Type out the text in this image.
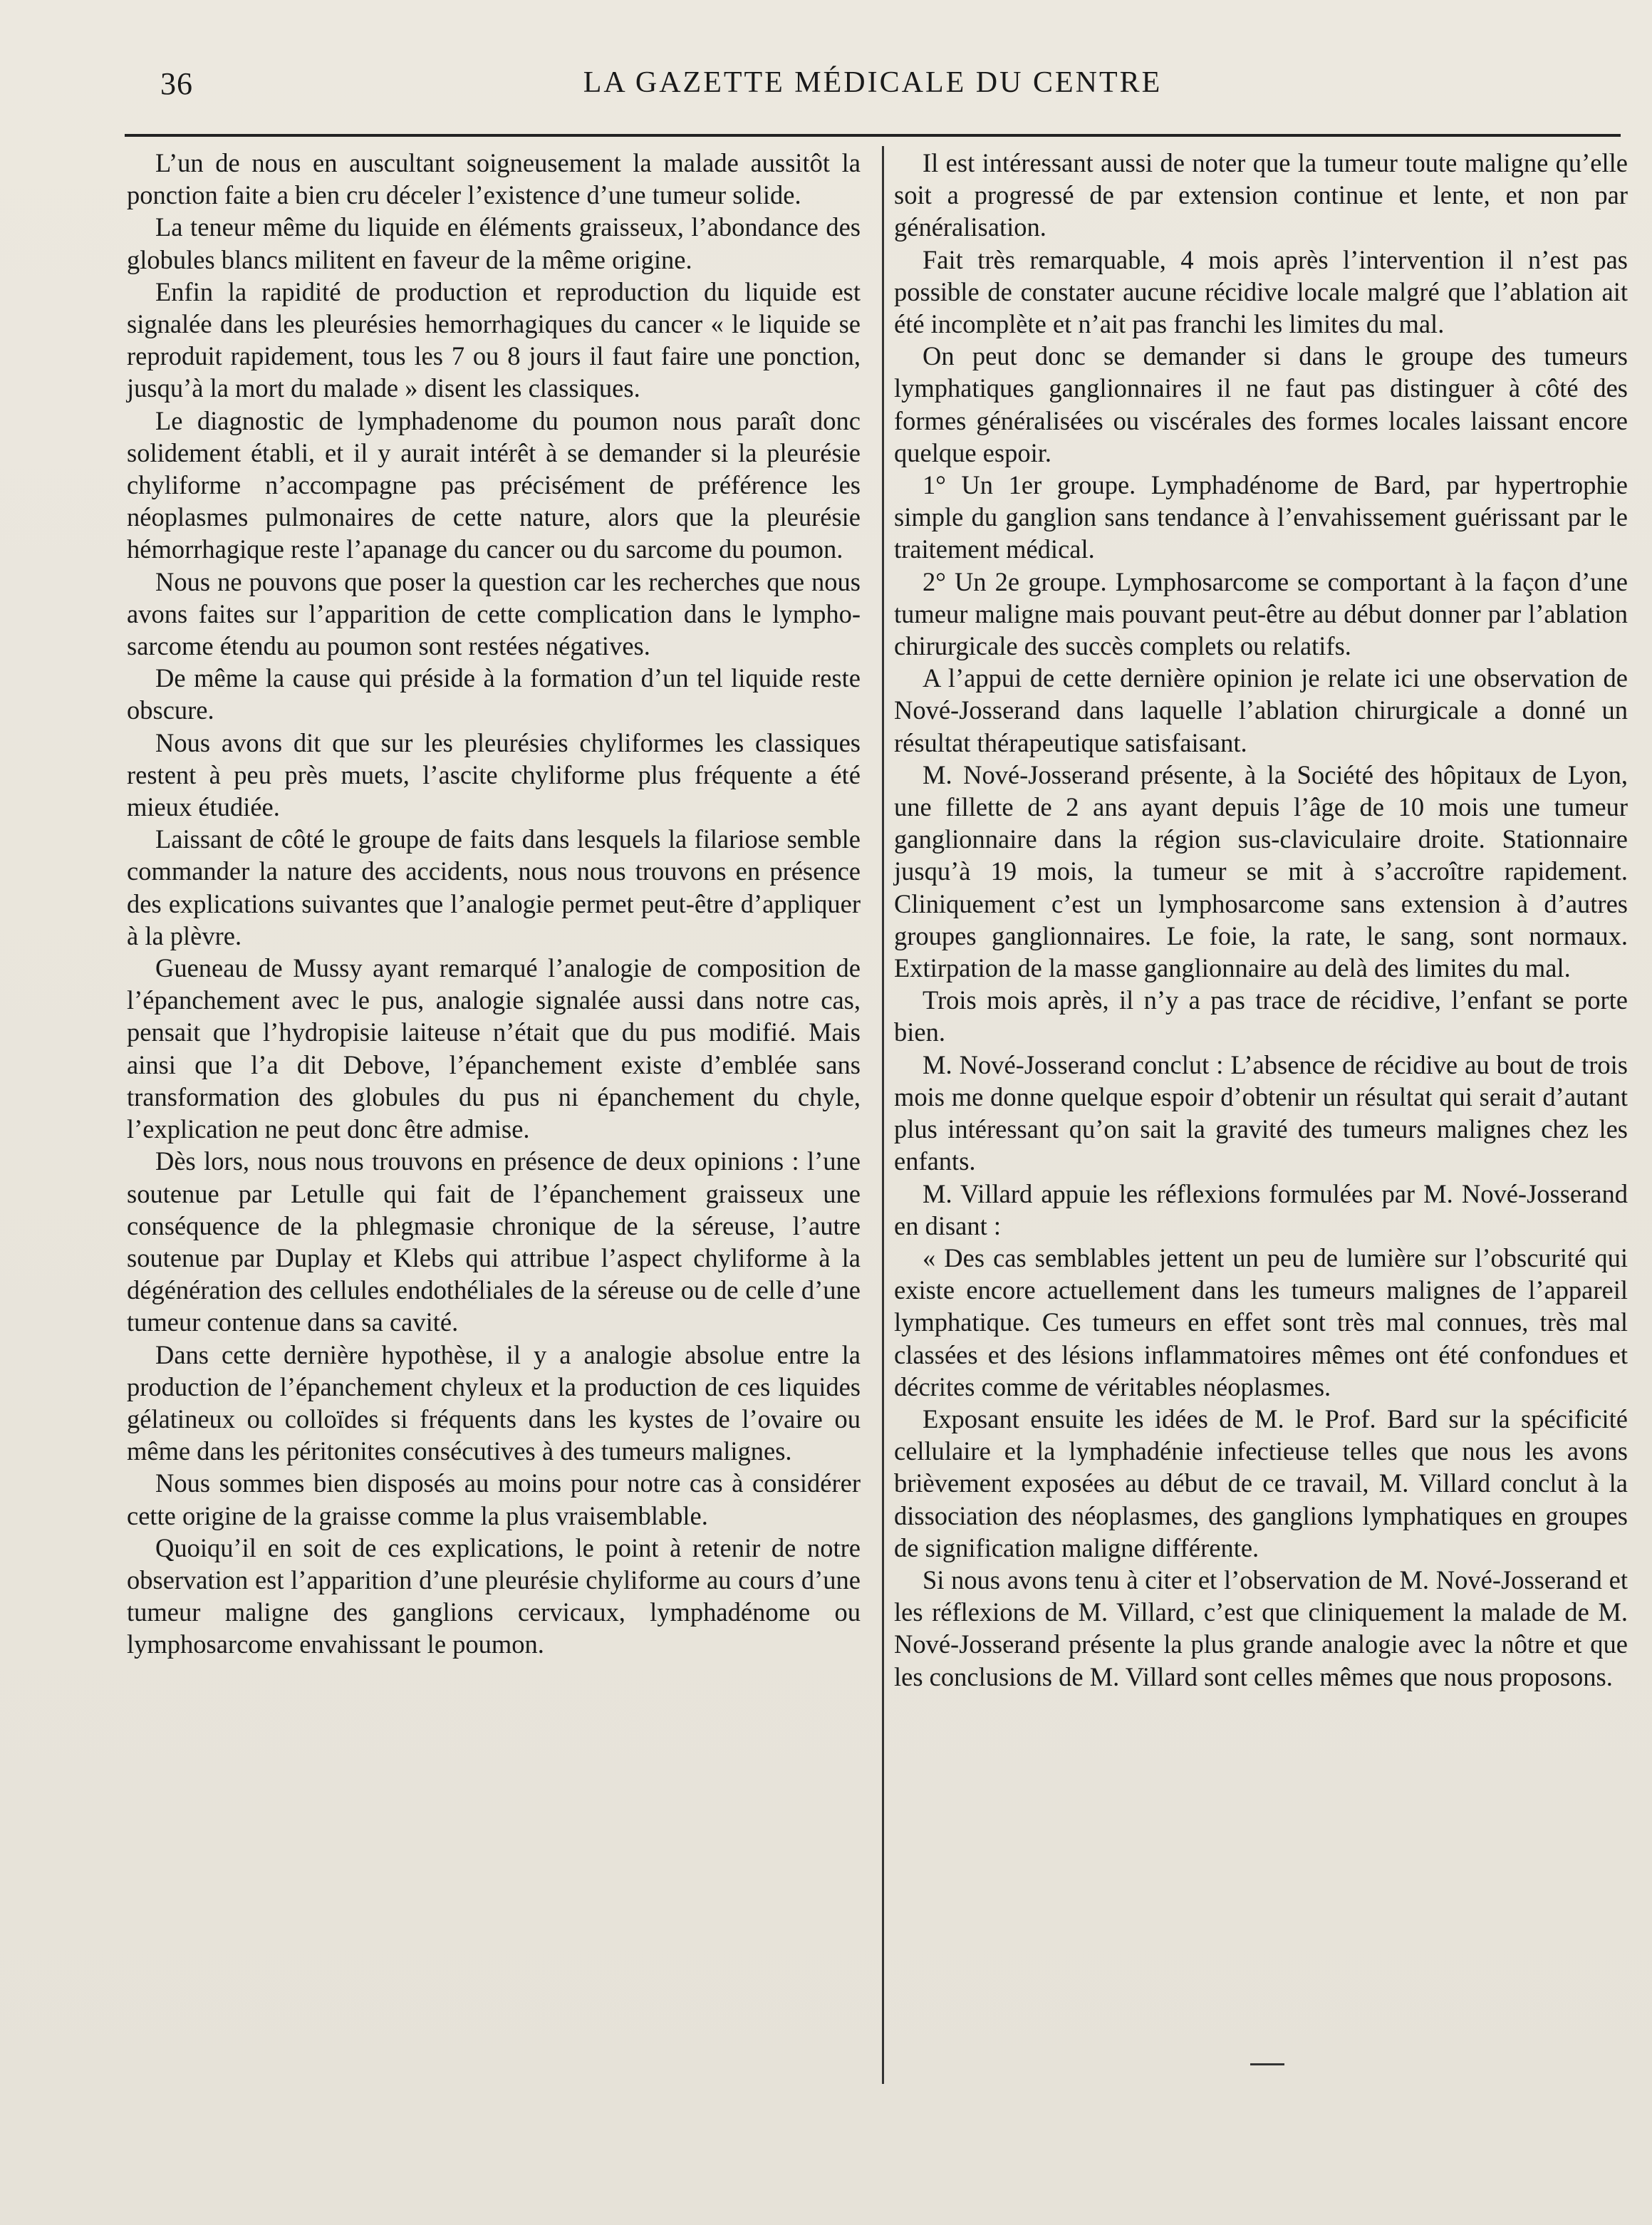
36	LA GAZETTE MÉDICALE DU CENTRE

L’un de nous en auscultant soigneusement la malade aussitôt la ponction faite a bien cru déceler l’existence d’une tumeur solide.

La teneur même du liquide en éléments graisseux, l’abondance des globules blancs militent en faveur de la même origine.

Enfin la rapidité de production et reproduction du liquide est signalée dans les pleurésies hemorrhagiques du cancer « le liquide se reproduit rapidement, tous les 7 ou 8 jours il faut faire une ponction, jusqu’à la mort du malade » disent les classiques.

Le diagnostic de lymphadenome du poumon nous paraît donc solidement établi, et il y aurait intérêt à se demander si la pleurésie chyliforme n’accompagne pas précisément de préférence les néoplasmes pulmonaires de cette nature, alors que la pleurésie hémorrhagique reste l’apanage du cancer ou du sarcome du poumon.

Nous ne pouvons que poser la question car les recherches que nous avons faites sur l’apparition de cette complication dans le lympho-sarcome étendu au poumon sont restées négatives.

De même la cause qui préside à la formation d’un tel liquide reste obscure.

Nous avons dit que sur les pleurésies chyliformes les classiques restent à peu près muets, l’ascite chyliforme plus fréquente a été mieux étudiée.

Laissant de côté le groupe de faits dans lesquels la filariose semble commander la nature des accidents, nous nous trouvons en présence des explications suivantes que l’analogie permet peut-être d’appliquer à la plèvre.

Gueneau de Mussy ayant remarqué l’analogie de composition de l’épanchement avec le pus, analogie signalée aussi dans notre cas, pensait que l’hydropisie laiteuse n’était que du pus modifié. Mais ainsi que l’a dit Debove, l’épanchement existe d’emblée sans transformation des globules du pus ni épanchement du chyle, l’explication ne peut donc être admise.

Dès lors, nous nous trouvons en présence de deux opinions : l’une soutenue par Letulle qui fait de l’épanchement graisseux une conséquence de la phlegmasie chronique de la séreuse, l’autre soutenue par Duplay et Klebs qui attribue l’aspect chyliforme à la dégénération des cellules endothéliales de la séreuse ou de celle d’une tumeur contenue dans sa cavité.

Dans cette dernière hypothèse, il y a analogie absolue entre la production de l’épanchement chyleux et la production de ces liquides gélatineux ou colloïdes si fréquents dans les kystes de l’ovaire ou même dans les péritonites consécutives à des tumeurs malignes.

Nous sommes bien disposés au moins pour notre cas à considérer cette origine de la graisse comme la plus vraisemblable.

Quoiqu’il en soit de ces explications, le point à retenir de notre observation est l’apparition d’une pleurésie chyliforme au cours d’une tumeur maligne des ganglions cervicaux, lymphadénome ou lymphosarcome envahissant le poumon.

Il est intéressant aussi de noter que la tumeur toute maligne qu’elle soit a progressé de par extension continue et lente, et non par généralisation.

Fait très remarquable, 4 mois après l’intervention il n’est pas possible de constater aucune récidive locale malgré que l’ablation ait été incomplète et n’ait pas franchi les limites du mal.

On peut donc se demander si dans le groupe des tumeurs lymphatiques ganglionnaires il ne faut pas distinguer à côté des formes généralisées ou viscérales des formes locales laissant encore quelque espoir.

1° Un 1er groupe. Lymphadénome de Bard, par hypertrophie simple du ganglion sans tendance à l’envahissement guérissant par le traitement médical.

2° Un 2e groupe. Lymphosarcome se comportant à la façon d’une tumeur maligne mais pouvant peut-être au début donner par l’ablation chirurgicale des succès complets ou relatifs.

A l’appui de cette dernière opinion je relate ici une observation de Nové-Josserand dans laquelle l’ablation chirurgicale a donné un résultat thérapeutique satisfaisant.

M. Nové-Josserand présente, à la Société des hôpitaux de Lyon, une fillette de 2 ans ayant depuis l’âge de 10 mois une tumeur ganglionnaire dans la région sus-claviculaire droite. Stationnaire jusqu’à 19 mois, la tumeur se mit à s’accroître rapidement. Cliniquement c’est un lymphosarcome sans extension à d’autres groupes ganglionnaires. Le foie, la rate, le sang, sont normaux. Extirpation de la masse ganglionnaire au delà des limites du mal.

Trois mois après, il n’y a pas trace de récidive, l’enfant se porte bien.

M. Nové-Josserand conclut : L’absence de récidive au bout de trois mois me donne quelque espoir d’obtenir un résultat qui serait d’autant plus intéressant qu’on sait la gravité des tumeurs malignes chez les enfants.

M. Villard appuie les réflexions formulées par M. Nové-Josserand en disant :

« Des cas semblables jettent un peu de lumière sur l’obscurité qui existe encore actuellement dans les tumeurs malignes de l’appareil lymphatique. Ces tumeurs en effet sont très mal connues, très mal classées et des lésions inflammatoires mêmes ont été confondues et décrites comme de véritables néoplasmes.

Exposant ensuite les idées de M. le Prof. Bard sur la spécificité cellulaire et la lymphadénie infectieuse telles que nous les avons brièvement exposées au début de ce travail, M. Villard conclut à la dissociation des néoplasmes, des ganglions lymphatiques en groupes de signification maligne différente.

Si nous avons tenu à citer et l’observation de M. Nové-Josserand et les réflexions de M. Villard, c’est que cliniquement la malade de M. Nové-Josserand présente la plus grande analogie avec la nôtre et que les conclusions de M. Villard sont celles mêmes que nous proposons.
